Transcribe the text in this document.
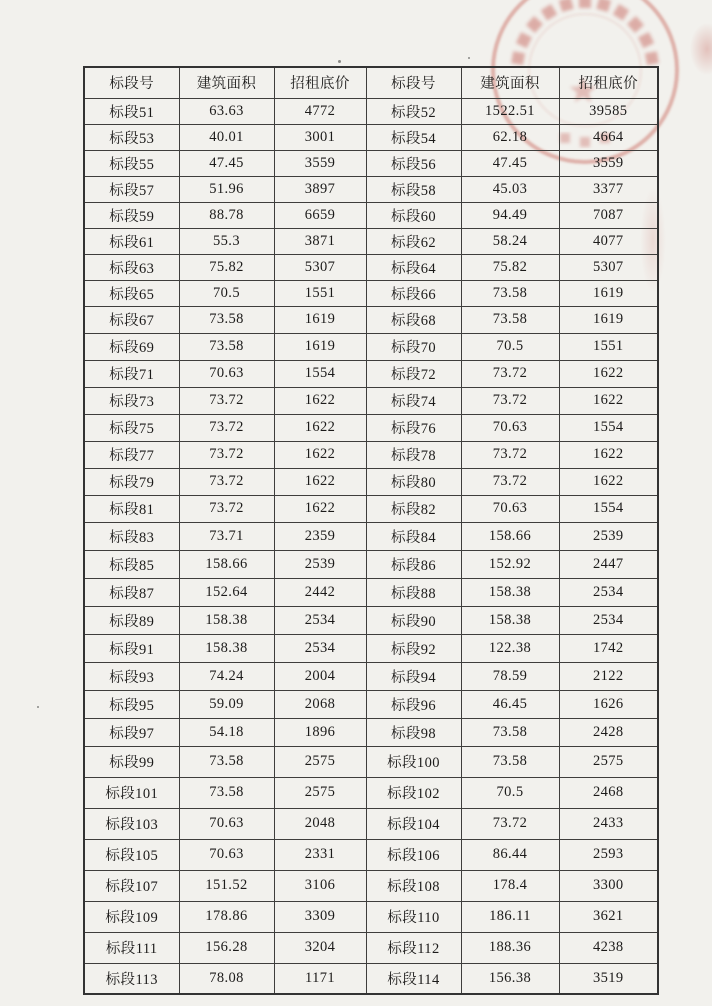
标段号	建筑面积	招租底价	标段号	建筑面积	招租底价
标段51	63.63	4772	标段52	1522.51	39585
标段53	40.01	3001	标段54	62.18	4664
标段55	47.45	3559	标段56	47.45	3559
标段57	51.96	3897	标段58	45.03	3377
标段59	88.78	6659	标段60	94.49	7087
标段61	55.3	3871	标段62	58.24	4077
标段63	75.82	5307	标段64	75.82	5307
标段65	70.5	1551	标段66	73.58	1619
标段67	73.58	1619	标段68	73.58	1619
标段69	73.58	1619	标段70	70.5	1551
标段71	70.63	1554	标段72	73.72	1622
标段73	73.72	1622	标段74	73.72	1622
标段75	73.72	1622	标段76	70.63	1554
标段77	73.72	1622	标段78	73.72	1622
标段79	73.72	1622	标段80	73.72	1622
标段81	73.72	1622	标段82	70.63	1554
标段83	73.71	2359	标段84	158.66	2539
标段85	158.66	2539	标段86	152.92	2447
标段87	152.64	2442	标段88	158.38	2534
标段89	158.38	2534	标段90	158.38	2534
标段91	158.38	2534	标段92	122.38	1742
标段93	74.24	2004	标段94	78.59	2122
标段95	59.09	2068	标段96	46.45	1626
标段97	54.18	1896	标段98	73.58	2428
标段99	73.58	2575	标段100	73.58	2575
标段101	73.58	2575	标段102	70.5	2468
标段103	70.63	2048	标段104	73.72	2433
标段105	70.63	2331	标段106	86.44	2593
标段107	151.52	3106	标段108	178.4	3300
标段109	178.86	3309	标段110	186.11	3621
标段111	156.28	3204	标段112	188.36	4238
标段113	78.08	1171	标段114	156.38	3519
